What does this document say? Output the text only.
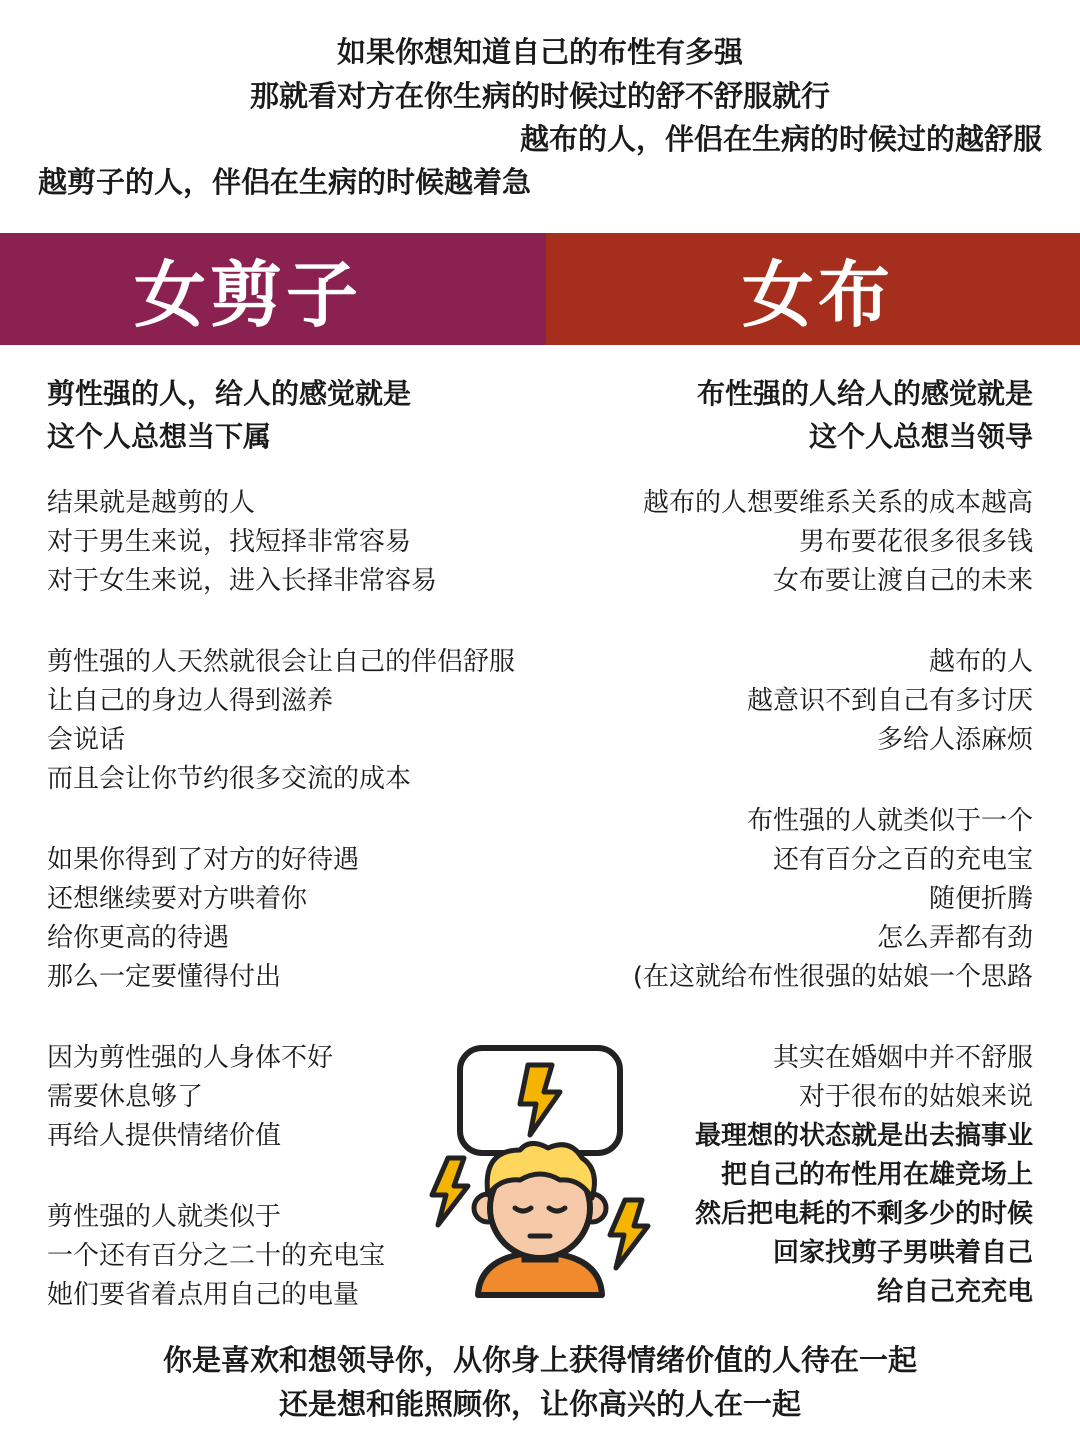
如果你想知道自己的布性有多强
那就看对方在你生病的时候过的舒不舒服就行
越布的人，伴侣在生病的时候过的越舒服
越剪子的人，伴侣在生病的时候越着急
女剪子	女布
剪性强的人，给人的感觉就是
这个人总想当下属
结果就是越剪的人
对于男生来说，找短择非常容易
对于女生来说，进入长择非常容易
剪性强的人天然就很会让自己的伴侣舒服
让自己的身边人得到滋养
会说话
而且会让你节约很多交流的成本
如果你得到了对方的好待遇
还想继续要对方哄着你
给你更高的待遇
那么一定要懂得付出
因为剪性强的人身体不好
需要休息够了
再给人提供情绪价值
剪性强的人就类似于
一个还有百分之二十的充电宝
她们要省着点用自己的电量
布性强的人给人的感觉就是
这个人总想当领导
越布的人想要维系关系的成本越高
男布要花很多很多钱
女布要让渡自己的未来
越布的人
越意识不到自己有多讨厌
多给人添麻烦
布性强的人就类似于一个
还有百分之百的充电宝
随便折腾
怎么弄都有劲
(在这就给布性很强的姑娘一个思路
其实在婚姻中并不舒服
对于很布的姑娘来说
最理想的状态就是出去搞事业
把自己的布性用在雄竞场上
然后把电耗的不剩多少的时候
回家找剪子男哄着自己
给自己充充电
你是喜欢和想领导你，从你身上获得情绪价值的人待在一起
还是想和能照顾你，让你高兴的人在一起
